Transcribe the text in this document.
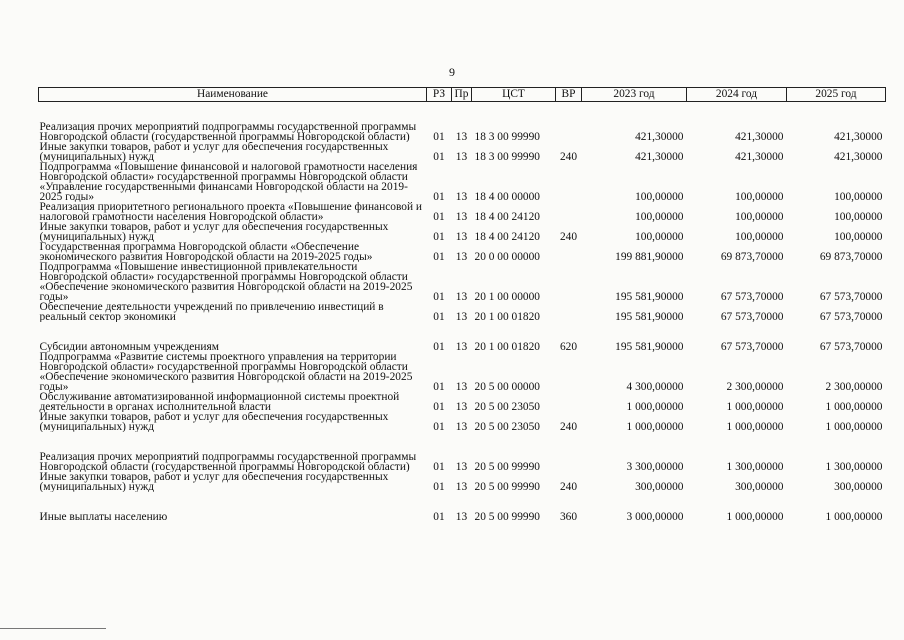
9
Наименование	РЗ	Пр	ЦСТ	ВР	2023 год	2024 год	2025 год
Реализация прочих мероприятий подпрограммы государственной программы Новгородской области (государственной программы Новгородской области)	01	13	18 3 00 99990		421,30000	421,30000	421,30000
Иные закупки товаров, работ и услуг для обеспечения государственных (муниципальных) нужд	01	13	18 3 00 99990	240	421,30000	421,30000	421,30000
Подпрограмма «Повышение финансовой и налоговой грамотности населения Новгородской области» государственной программы Новгородской области «Управление государственными финансами Новгородской области на 2019-2025 годы»	01	13	18 4 00 00000		100,00000	100,00000	100,00000
Реализация приоритетного регионального проекта «Повышение финансовой и налоговой грамотности населения Новгородской области»	01	13	18 4 00 24120		100,00000	100,00000	100,00000
Иные закупки товаров, работ и услуг для обеспечения государственных (муниципальных) нужд	01	13	18 4 00 24120	240	100,00000	100,00000	100,00000
Государственная программа Новгородской области «Обеспечение экономического развития Новгородской области на 2019-2025 годы»	01	13	20 0 00 00000		199 881,90000	69 873,70000	69 873,70000
Подпрограмма «Повышение инвестиционной привлекательности Новгородской области» государственной программы Новгородской области «Обеспечение экономического развития Новгородской области на 2019-2025 годы»	01	13	20 1 00 00000		195 581,90000	67 573,70000	67 573,70000
Обеспечение деятельности учреждений по привлечению инвестиций в реальный сектор экономики	01	13	20 1 00 01820		195 581,90000	67 573,70000	67 573,70000
Субсидии автономным учреждениям	01	13	20 1 00 01820	620	195 581,90000	67 573,70000	67 573,70000
Подпрограмма «Развитие системы проектного управления на территории Новгородской области» государственной программы Новгородской области «Обеспечение экономического развития Новгородской области на 2019-2025 годы»	01	13	20 5 00 00000		4 300,00000	2 300,00000	2 300,00000
Обслуживание автоматизированной информационной системы проектной деятельности в органах исполнительной власти	01	13	20 5 00 23050		1 000,00000	1 000,00000	1 000,00000
Иные закупки товаров, работ и услуг для обеспечения государственных (муниципальных) нужд	01	13	20 5 00 23050	240	1 000,00000	1 000,00000	1 000,00000
Реализация прочих мероприятий подпрограммы государственной программы Новгородской области (государственной программы Новгородской области)	01	13	20 5 00 99990		3 300,00000	1 300,00000	1 300,00000
Иные закупки товаров, работ и услуг для обеспечения государственных (муниципальных) нужд	01	13	20 5 00 99990	240	300,00000	300,00000	300,00000
Иные выплаты населению	01	13	20 5 00 99990	360	3 000,00000	1 000,00000	1 000,00000
